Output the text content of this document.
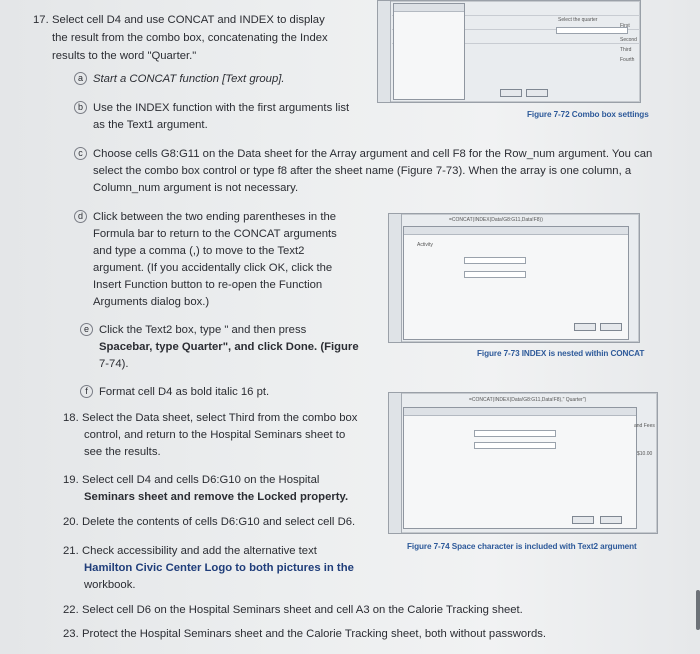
Select the quarter
First
Second
Third
Fourth
Figure 7-72 Combo box settings
=CONCAT(INDEX(Data!G8:G11,Data!F8))
Activity
Figure 7-73 INDEX is nested within CONCAT
=CONCAT(INDEX(Data!G8:G11,Data!F8)," Quarter")
and Fees
$10.00
Figure 7-74 Space character is included with Text2 argument
17. Select cell D4 and use CONCAT and INDEX to display
the result from the combo box, concatenating the Index
results to the word "Quarter."
a Start a CONCAT function [Text group].
b Use the INDEX function with the first arguments list
as the Text1 argument.
c Choose cells G8:G11 on the Data sheet for the Array argument and cell F8 for the Row_num argument. You can
select the combo box control or type f8 after the sheet name (Figure 7-73). When the array is one column, a
Column_num argument is not necessary.
d Click between the two ending parentheses in the
Formula bar to return to the CONCAT arguments
and type a comma (,) to move to the Text2
argument. (If you accidentally click OK, click the
Insert Function button to re-open the Function
Arguments dialog box.)
e Click the Text2 box, type " and then press
Spacebar, type Quarter", and click Done. (Figure
7-74).
f Format cell D4 as bold italic 16 pt.
18. Select the Data sheet, select Third from the combo box
control, and return to the Hospital Seminars sheet to
see the results.
19. Select cell D4 and cells D6:G10 on the Hospital
Seminars sheet and remove the Locked property.
20. Delete the contents of cells D6:G10 and select cell D6.
21. Check accessibility and add the alternative text
Hamilton Civic Center Logo to both pictures in the
workbook.
22. Select cell D6 on the Hospital Seminars sheet and cell A3 on the Calorie Tracking sheet.
23. Protect the Hospital Seminars sheet and the Calorie Tracking sheet, both without passwords.
